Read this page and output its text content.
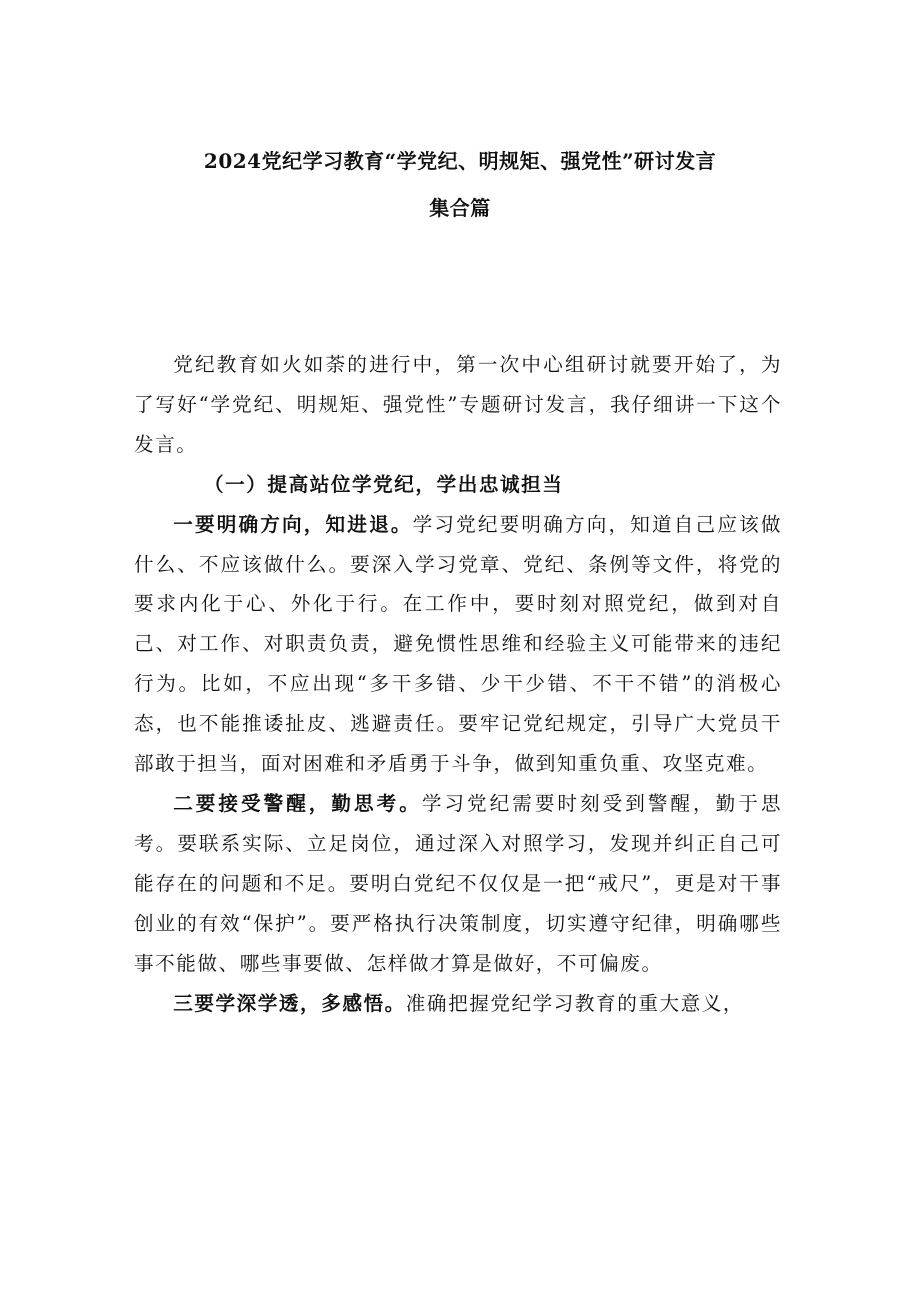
2024党纪学习教育“学党纪、明规矩、强党性”研讨发言
集合篇

党纪教育如火如荼的进行中，第一次中心组研讨就要开始了，为了写好“学党纪、明规矩、强党性”专题研讨发言，我仔细讲一下这个发言。

（一）提高站位学党纪，学出忠诚担当

一要明确方向，知进退。学习党纪要明确方向，知道自己应该做什么、不应该做什么。要深入学习党章、党纪、条例等文件，将党的要求内化于心、外化于行。在工作中，要时刻对照党纪，做到对自己、对工作、对职责负责，避免惯性思维和经验主义可能带来的违纪行为。比如，不应出现“多干多错、少干少错、不干不错”的消极心态，也不能推诿扯皮、逃避责任。要牢记党纪规定，引导广大党员干部敢于担当，面对困难和矛盾勇于斗争，做到知重负重、攻坚克难。

二要接受警醒，勤思考。学习党纪需要时刻受到警醒，勤于思考。要联系实际、立足岗位，通过深入对照学习，发现并纠正自己可能存在的问题和不足。要明白党纪不仅仅是一把“戒尺”，更是对干事创业的有效“保护”。要严格执行决策制度，切实遵守纪律，明确哪些事不能做、哪些事要做、怎样做才算是做好，不可偏废。

三要学深学透，多感悟。准确把握党纪学习教育的重大意义，
